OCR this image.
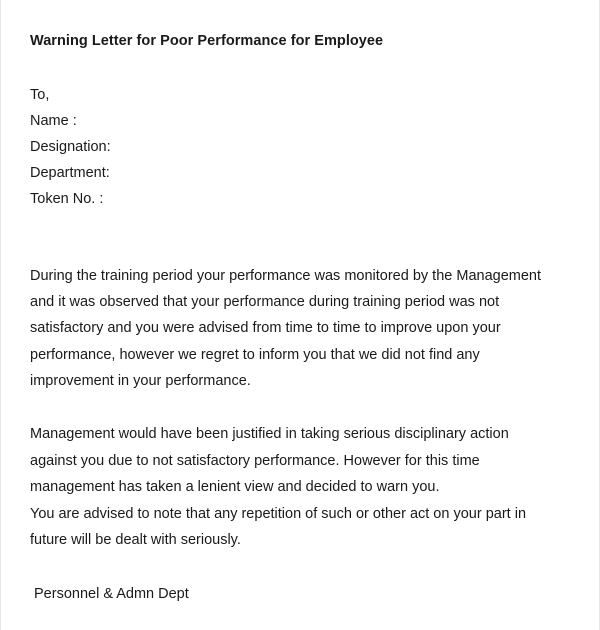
Warning Letter for Poor Performance for Employee
To,
Name :
Designation:
Department:
Token No. :
During the training period your performance was monitored by the Management
and it was observed that your performance during training period was not
satisfactory and you were advised from time to time to improve upon your
performance, however we regret to inform you that we did not find any
improvement in your performance.
Management would have been justified in taking serious disciplinary action
against you due to not satisfactory performance. However for this time
management has taken a lenient view and decided to warn you.
You are advised to note that any repetition of such or other act on your part in
future will be dealt with seriously.
Personnel & Admn Dept
